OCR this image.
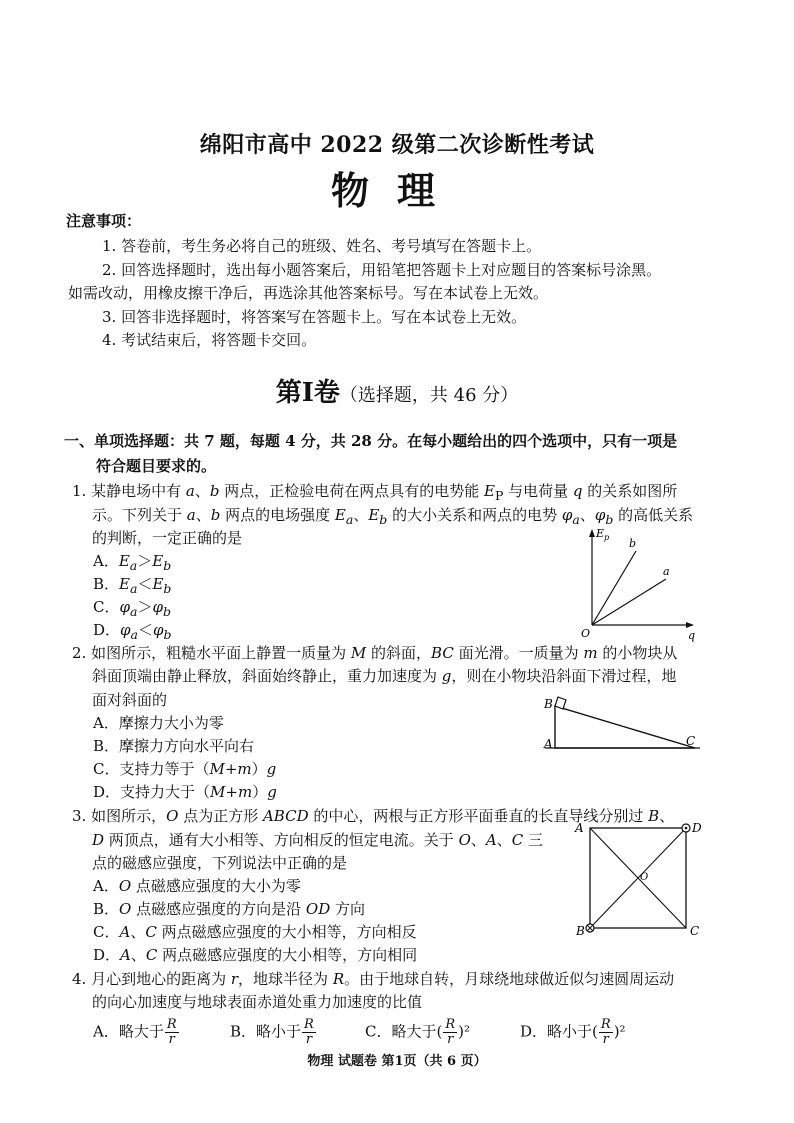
绵阳市高中 2022 级第二次诊断性考试
物理
注意事项：
1. 答卷前，考生务必将自己的班级、姓名、考号填写在答题卡上。
2. 回答选择题时，选出每小题答案后，用铅笔把答题卡上对应题目的答案标号涂黑。
如需改动，用橡皮擦干净后，再选涂其他答案标号。写在本试卷上无效。
3. 回答非选择题时，将答案写在答题卡上。写在本试卷上无效。
4. 考试结束后，将答题卡交回。
第Ⅰ卷（选择题，共 46 分）
一、单项选择题：共 7 题，每题 4 分，共 28 分。在每小题给出的四个选项中，只有一项是
符合题目要求的。
1. 某静电场中有 a、b 两点，正检验电荷在两点具有的电势能 $E_P$ 与电荷量 q 的关系如图所
示。下列关于 a、b 两点的电场强度 $E_a$、$E_b$ 的大小关系和两点的电势 $\varphi_a$、$\varphi_b$ 的高低关系
的判断，一定正确的是
A．$E_a>E_b$
B．$E_a<E_b$
C．$\varphi_a>\varphi_b$
D．$\varphi_a<\varphi_b$
$E_p$
q
O
b
a
2. 如图所示，粗糙水平面上静置一质量为 M 的斜面，BC 面光滑。一质量为 m 的小物块从
斜面顶端由静止释放，斜面始终静止，重力加速度为 g，则在小物块沿斜面下滑过程，地
面对斜面的
A．摩擦力大小为零
B．摩擦力方向水平向右
C．支持力等于（M+m）g
D．支持力大于（M+m）g
B
A	C
3. 如图所示，O 点为正方形 ABCD 的中心，两根与正方形平面垂直的长直导线分别过 B、
D 两顶点，通有大小相等、方向相反的恒定电流。关于 O、A、C 三
点的磁感应强度，下列说法中正确的是
A．O 点磁感应强度的大小为零
B．O 点磁感应强度的方向是沿 OD 方向
C．A、C 两点磁感应强度的大小相等，方向相反
D．A、C 两点磁感应强度的大小相等，方向相同
A	D
B	C
O
4. 月心到地心的距离为 r，地球半径为 R。由于地球自转，月球绕地球做近似匀速圆周运动
的向心加速度与地球表面赤道处重力加速度的比值
A．略大于 $\frac{R}{r}$	B．略小于 $\frac{R}{r}$	C．略大于( $\frac{R}{r} )^2$	D．略小于( $\frac{R}{r} )^2$
物理 试题卷 第1页（共 6 页）
